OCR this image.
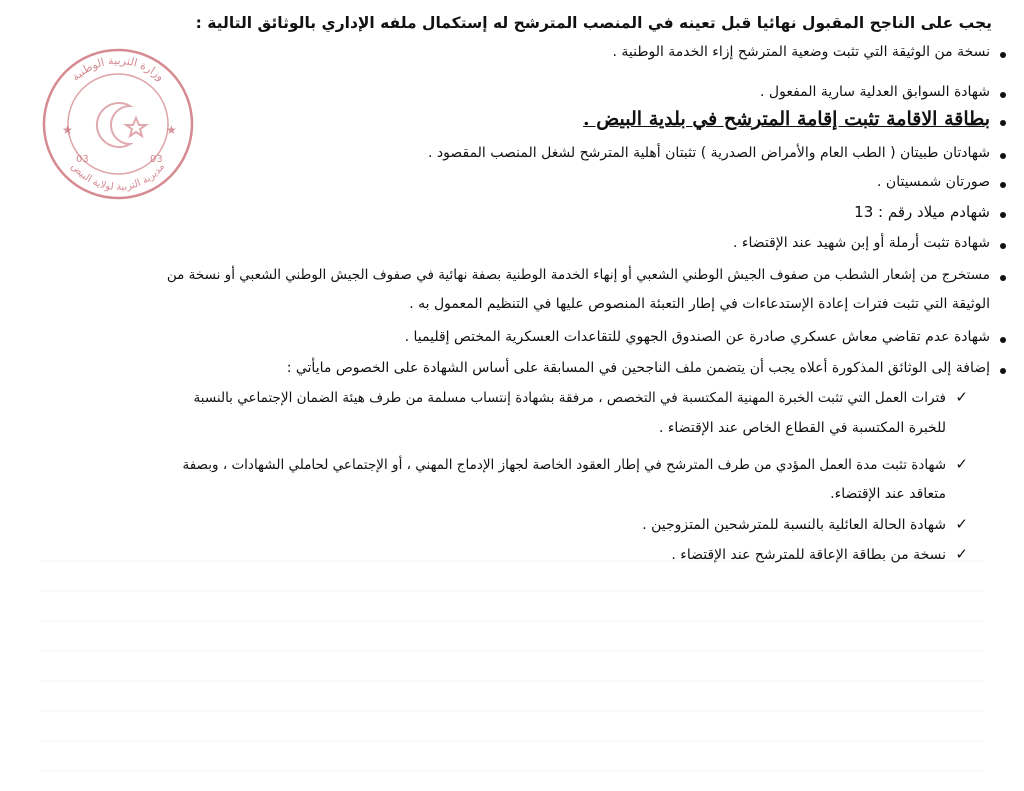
وزارة التربية الوطنية
مديرية التربية لولاية البيض
03	03
★	★
يجب على الناجح المقبول نهائيا قبل تعينه في المنصب المترشح له إستكمال ملفه الإداري بالوثائق التالية :
نسخة من الوثيقة التي تثبت وضعية المترشح إزاء الخدمة الوطنية .
شهادة السوابق العدلية سارية المفعول .
بطاقة الاقامة تثبت إقامة المترشح في بلدية البيض .
شهادتان طبيتان ( الطب العام والأمراض الصدرية ) تثبتان أهلية المترشح لشغل المنصب المقصود .
صورتان شمسيتان .
شهادم ميلاد رقم : 13
شهادة تثبت أرملة أو إبن شهيد عند الإقتضاء .
مستخرج من إشعار الشطب من صفوف الجيش الوطني الشعبي أو إنهاء الخدمة الوطنية بصفة نهائية في صفوف الجيش الوطني الشعبي أو نسخة من
الوثيقة التي تثبت فترات إعادة الإستدعاءات في إطار التعبئة المنصوص عليها في التنظيم المعمول به .
شهادة عدم تقاضي معاش عسكري صادرة عن الصندوق الجهوي للتقاعدات العسكرية المختص إقليميا .
إضافة إلى الوثائق المذكورة أعلاه يجب أن يتضمن ملف الناجحين في المسابقة على أساس الشهادة على الخصوص مايأتي :
✓
فترات العمل التي تثبت الخبرة المهنية المكتسبة في التخصص ، مرفقة بشهادة إنتساب مسلمة من طرف هيئة الضمان الإجتماعي بالنسبة
للخبرة المكتسبة في القطاع الخاص عند الإقتضاء .
✓
شهادة تثبت مدة العمل المؤدي من طرف المترشح في إطار العقود الخاصة لجهاز الإدماج المهني ، أو الإجتماعي لحاملي الشهادات ، وبصفة
متعاقد عند الإقتضاء.
✓
شهادة الحالة العائلية بالنسبة للمترشحين المتزوجين .
✓
نسخة من بطاقة الإعاقة للمترشح عند الإقتضاء .
